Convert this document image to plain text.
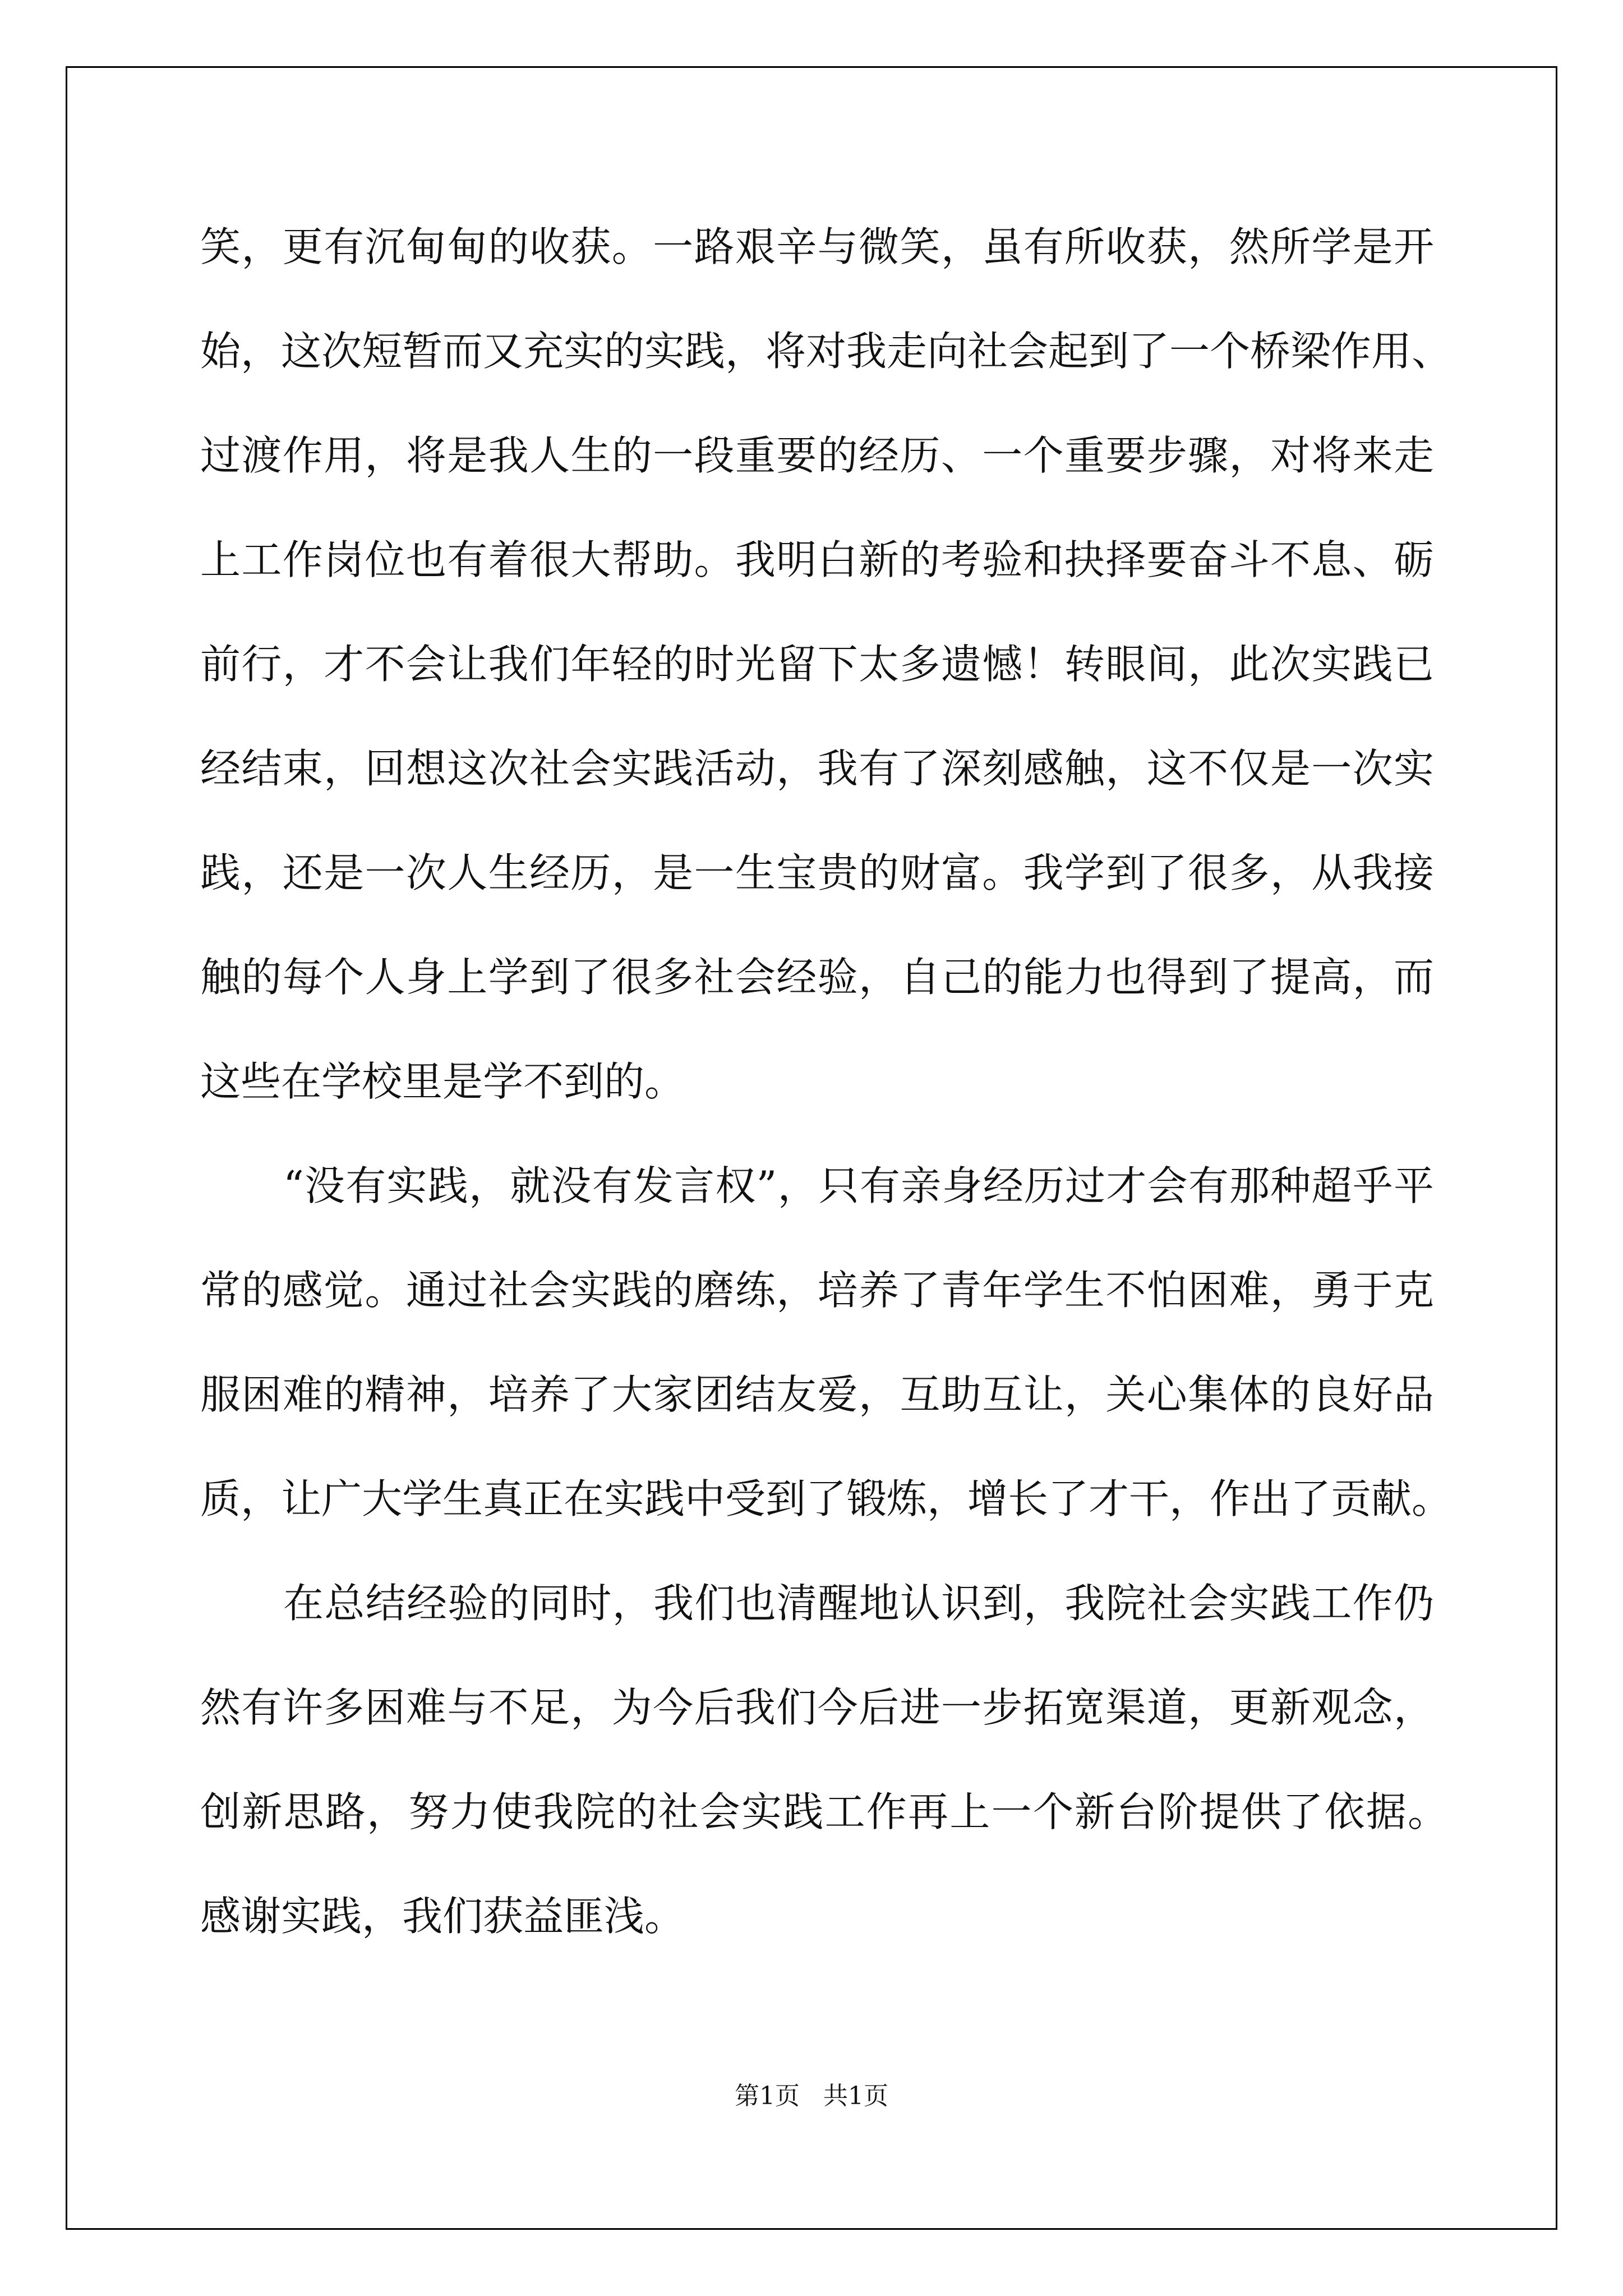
笑，更有沉甸甸的收获。一路艰辛与微笑，虽有所收获，然所学是开
始，这次短暂而又充实的实践，将对我走向社会起到了一个桥梁作用、
过渡作用，将是我人生的一段重要的经历、一个重要步骤，对将来走
上工作岗位也有着很大帮助。我明白新的考验和抉择要奋斗不息、砺
前行，才不会让我们年轻的时光留下太多遗憾！转眼间，此次实践已
经结束，回想这次社会实践活动，我有了深刻感触，这不仅是一次实
践，还是一次人生经历，是一生宝贵的财富。我学到了很多，从我接
触的每个人身上学到了很多社会经验，自己的能力也得到了提高，而
这些在学校里是学不到的。
“没有实践，就没有发言权”，只有亲身经历过才会有那种超乎平
常的感觉。通过社会实践的磨练，培养了青年学生不怕困难，勇于克
服困难的精神，培养了大家团结友爱，互助互让，关心集体的良好品
质，让广大学生真正在实践中受到了锻炼，增长了才干，作出了贡献。
在总结经验的同时，我们也清醒地认识到，我院社会实践工作仍
然有许多困难与不足，为今后我们今后进一步拓宽渠道，更新观念，
创新思路，努力使我院的社会实践工作再上一个新台阶提供了依据。
感谢实践，我们获益匪浅。
第1页   共1页
